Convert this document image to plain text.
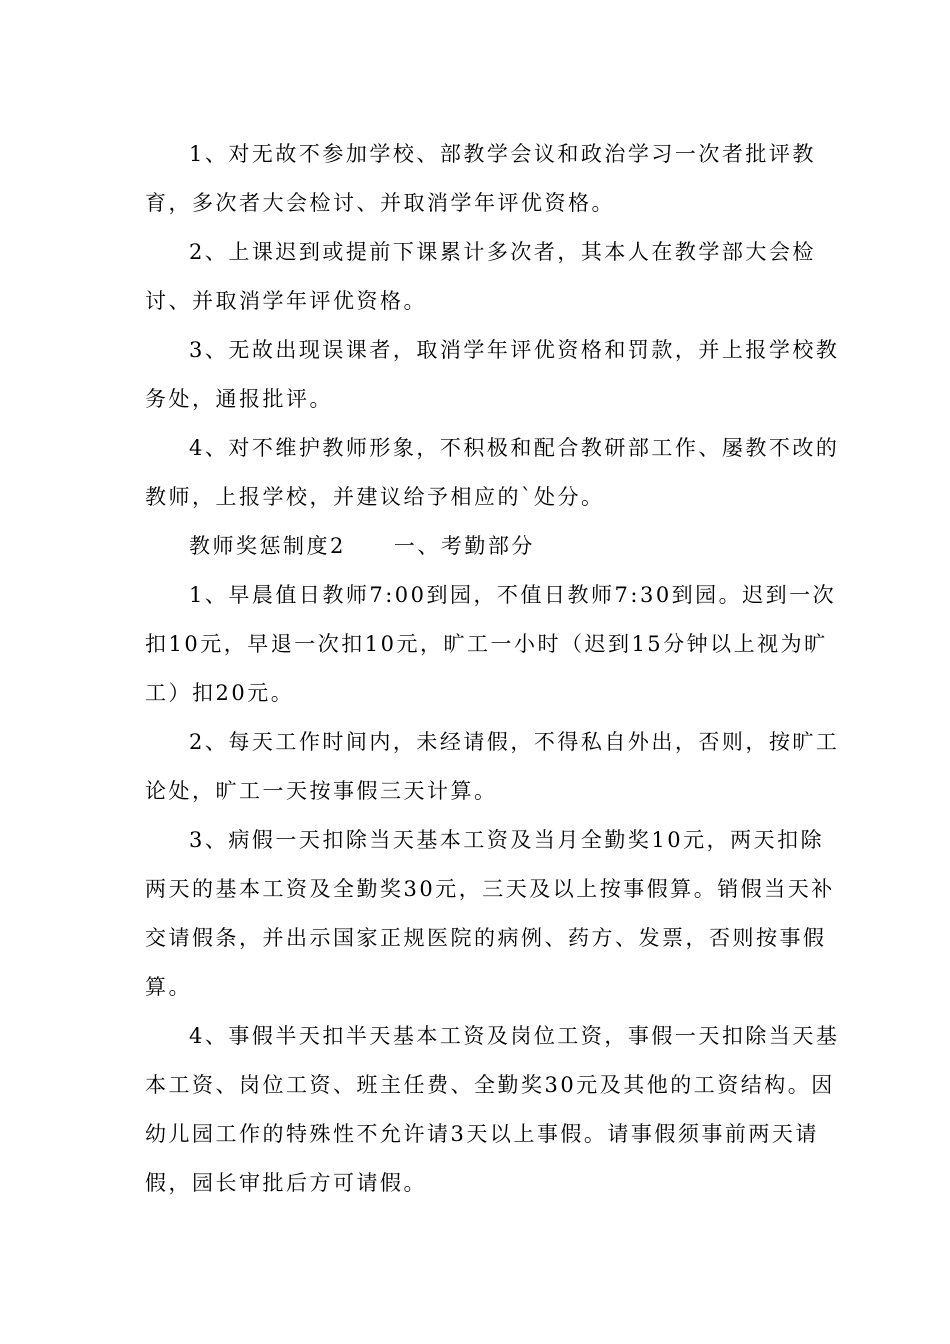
1、对无故不参加学校、部教学会议和政治学习一次者批评教
育，多次者大会检讨、并取消学年评优资格。
2、上课迟到或提前下课累计多次者，其本人在教学部大会检
讨、并取消学年评优资格。
3、无故出现误课者，取消学年评优资格和罚款，并上报学校教
务处，通报批评。
4、对不维护教师形象，不积极和配合教研部工作、屡教不改的
教师，上报学校，并建议给予相应的`处分。
教师奖惩制度2 一、考勤部分
1、早晨值日教师7:00到园，不值日教师7:30到园。迟到一次
扣10元，早退一次扣10元，旷工一小时（迟到15分钟以上视为旷
工）扣20元。
2、每天工作时间内，未经请假，不得私自外出，否则，按旷工
论处，旷工一天按事假三天计算。
3、病假一天扣除当天基本工资及当月全勤奖10元，两天扣除
两天的基本工资及全勤奖30元，三天及以上按事假算。销假当天补
交请假条，并出示国家正规医院的病例、药方、发票，否则按事假
算。
4、事假半天扣半天基本工资及岗位工资，事假一天扣除当天基
本工资、岗位工资、班主任费、全勤奖30元及其他的工资结构。因
幼儿园工作的特殊性不允许请3天以上事假。请事假须事前两天请
假，园长审批后方可请假。
